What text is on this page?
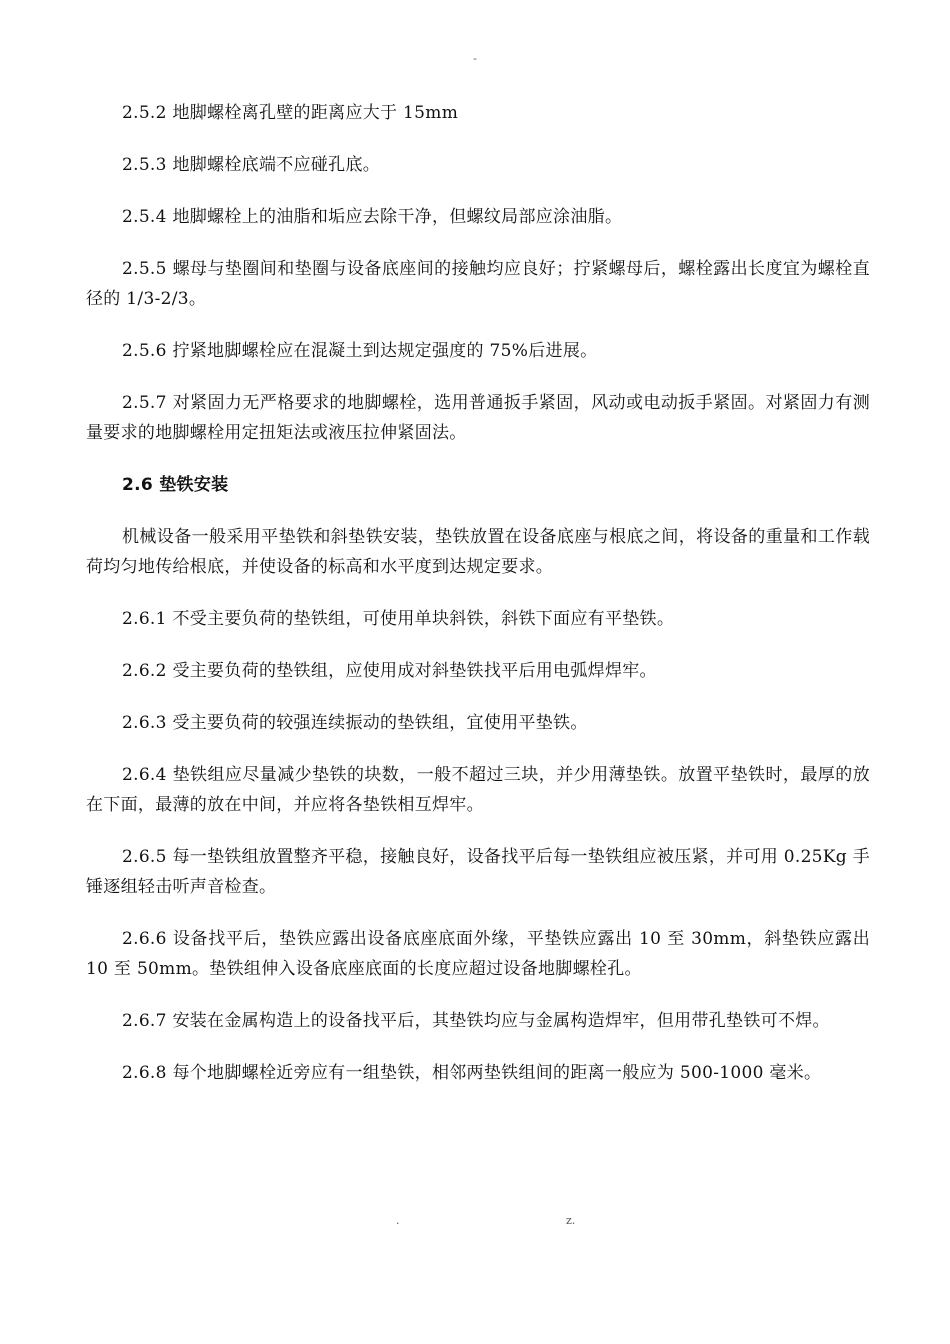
-

2.5.2 地脚螺栓离孔壁的距离应大于 15mm

2.5.3 地脚螺栓底端不应碰孔底。

2.5.4 地脚螺栓上的油脂和垢应去除干净，但螺纹局部应涂油脂。

2.5.5 螺母与垫圈间和垫圈与设备底座间的接触均应良好；拧紧螺母后，螺栓露出长度宜为螺栓直径的 1/3-2/3。

2.5.6 拧紧地脚螺栓应在混凝土到达规定强度的 75%后进展。

2.5.7 对紧固力无严格要求的地脚螺栓，选用普通扳手紧固，风动或电动扳手紧固。对紧固力有测量要求的地脚螺栓用定扭矩法或液压拉伸紧固法。

2.6 垫铁安装

机械设备一般采用平垫铁和斜垫铁安装，垫铁放置在设备底座与根底之间，将设备的重量和工作载荷均匀地传给根底，并使设备的标高和水平度到达规定要求。

2.6.1 不受主要负荷的垫铁组，可使用单块斜铁，斜铁下面应有平垫铁。

2.6.2 受主要负荷的垫铁组，应使用成对斜垫铁找平后用电弧焊焊牢。

2.6.3 受主要负荷的较强连续振动的垫铁组，宜使用平垫铁。

2.6.4 垫铁组应尽量减少垫铁的块数，一般不超过三块，并少用薄垫铁。放置平垫铁时，最厚的放在下面，最薄的放在中间，并应将各垫铁相互焊牢。

2.6.5 每一垫铁组放置整齐平稳，接触良好，设备找平后每一垫铁组应被压紧，并可用 0.25Kg 手锤逐组轻击听声音检查。

2.6.6 设备找平后，垫铁应露出设备底座底面外缘，平垫铁应露出 10 至 30mm，斜垫铁应露出 10 至 50mm。垫铁组伸入设备底座底面的长度应超过设备地脚螺栓孔。

2.6.7 安装在金属构造上的设备找平后，其垫铁均应与金属构造焊牢，但用带孔垫铁可不焊。

2.6.8 每个地脚螺栓近旁应有一组垫铁，相邻两垫铁组间的距离一般应为 500-1000 毫米。

.	z.
